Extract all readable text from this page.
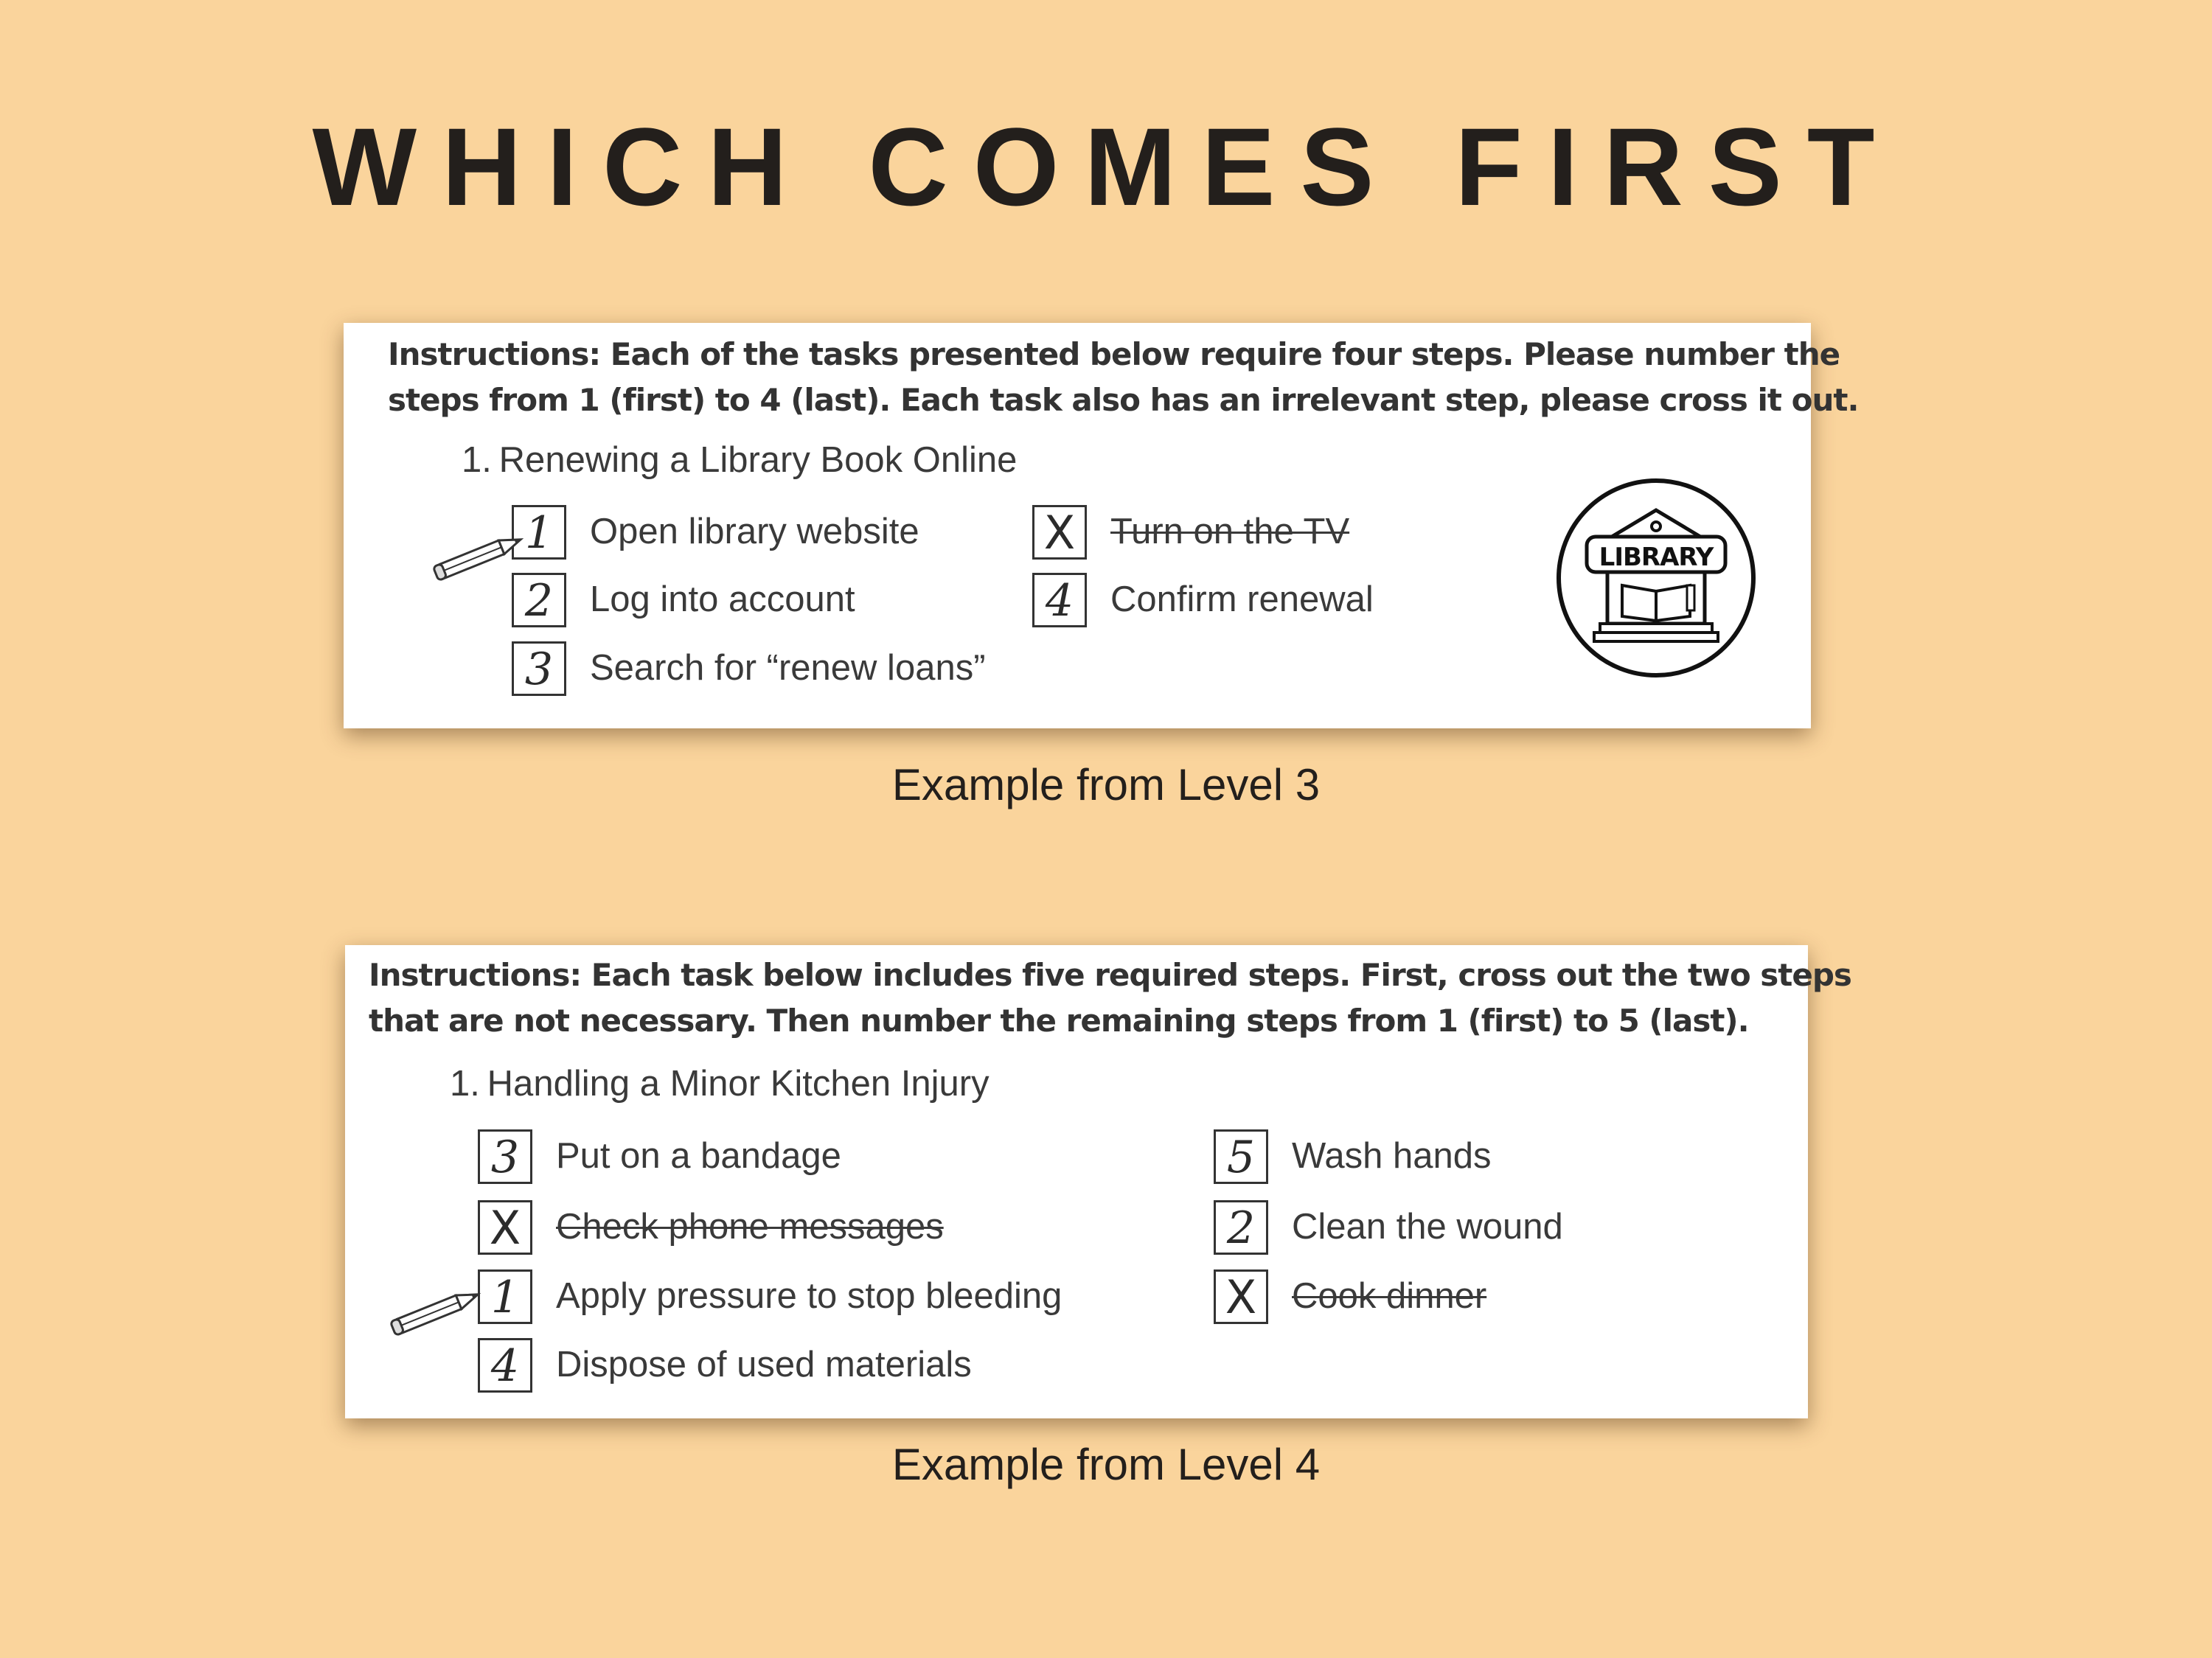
WHICH COMES FIRST
Instructions: Each of the tasks presented below require four steps. Please number the
steps from 1 (first) to 4 (last). Each task also has an irrelevant step, please cross it out.
1. Renewing a Library Book Online
1	Open library website
2	Log into account
3	Search for “renew loans”
X Turn on the TV
4	Confirm renewal
LIBRARY
Example from Level 3
Instructions: Each task below includes five required steps. First, cross out the two steps
that are not necessary. Then number the remaining steps from 1 (first) to 5 (last).
1. Handling a Minor Kitchen Injury
3	Put on a bandage
X Check phone messages
1	Apply pressure to stop bleeding
4	Dispose of used materials
5	Wash hands
2	Clean the wound
X Cook dinner
Example from Level 4
